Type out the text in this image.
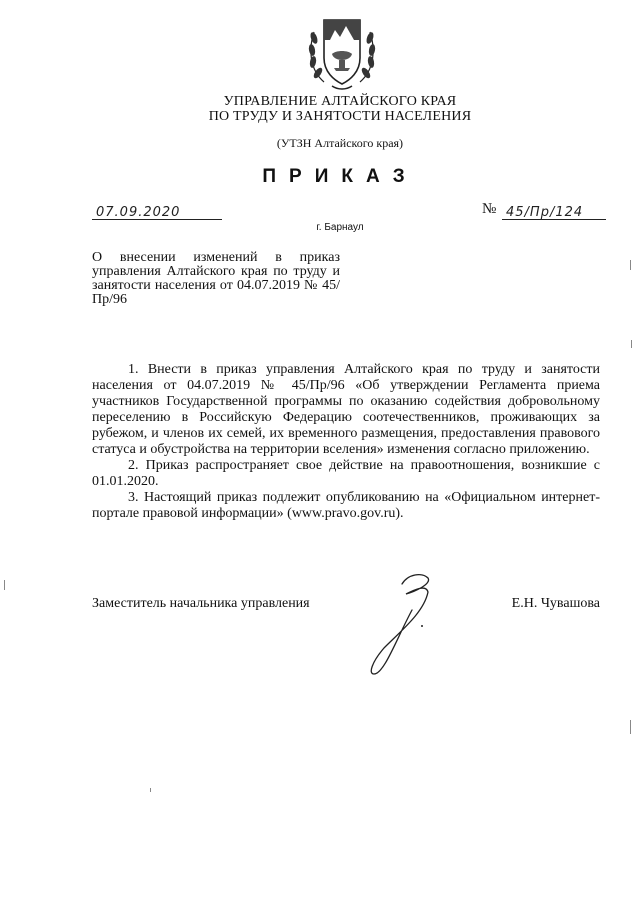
УПРАВЛЕНИЕ АЛТАЙСКОГО КРАЯ
ПО ТРУДУ И ЗАНЯТОСТИ НАСЕЛЕНИЯ
(УТЗН Алтайского края)
ПРИКАЗ
07.09.2020	№ 45/Пр/124
г. Барнаул
О внесении изменений в приказ управления Алтайского края по труду и занятости населения от 04.07.2019 № 45/Пр/96

1. Внести в приказ управления Алтайского края по труду и занятости населения от 04.07.2019 № 45/Пр/96 «Об утверждении Регламента приема участников Государственной программы по оказанию содействия добровольному переселению в Российскую Федерацию соотечественников, проживающих за рубежом, и членов их семей, их временного размещения, предоставления правового статуса и обустройства на территории вселения» изменения согласно приложению.

2. Приказ распространяет свое действие на правоотношения, возникшие с 01.01.2020.

3. Настоящий приказ подлежит опубликованию на «Официальном интернет-портале правовой информации» (www.pravo.gov.ru).

Заместитель начальника управления	Е.Н. Чувашова
